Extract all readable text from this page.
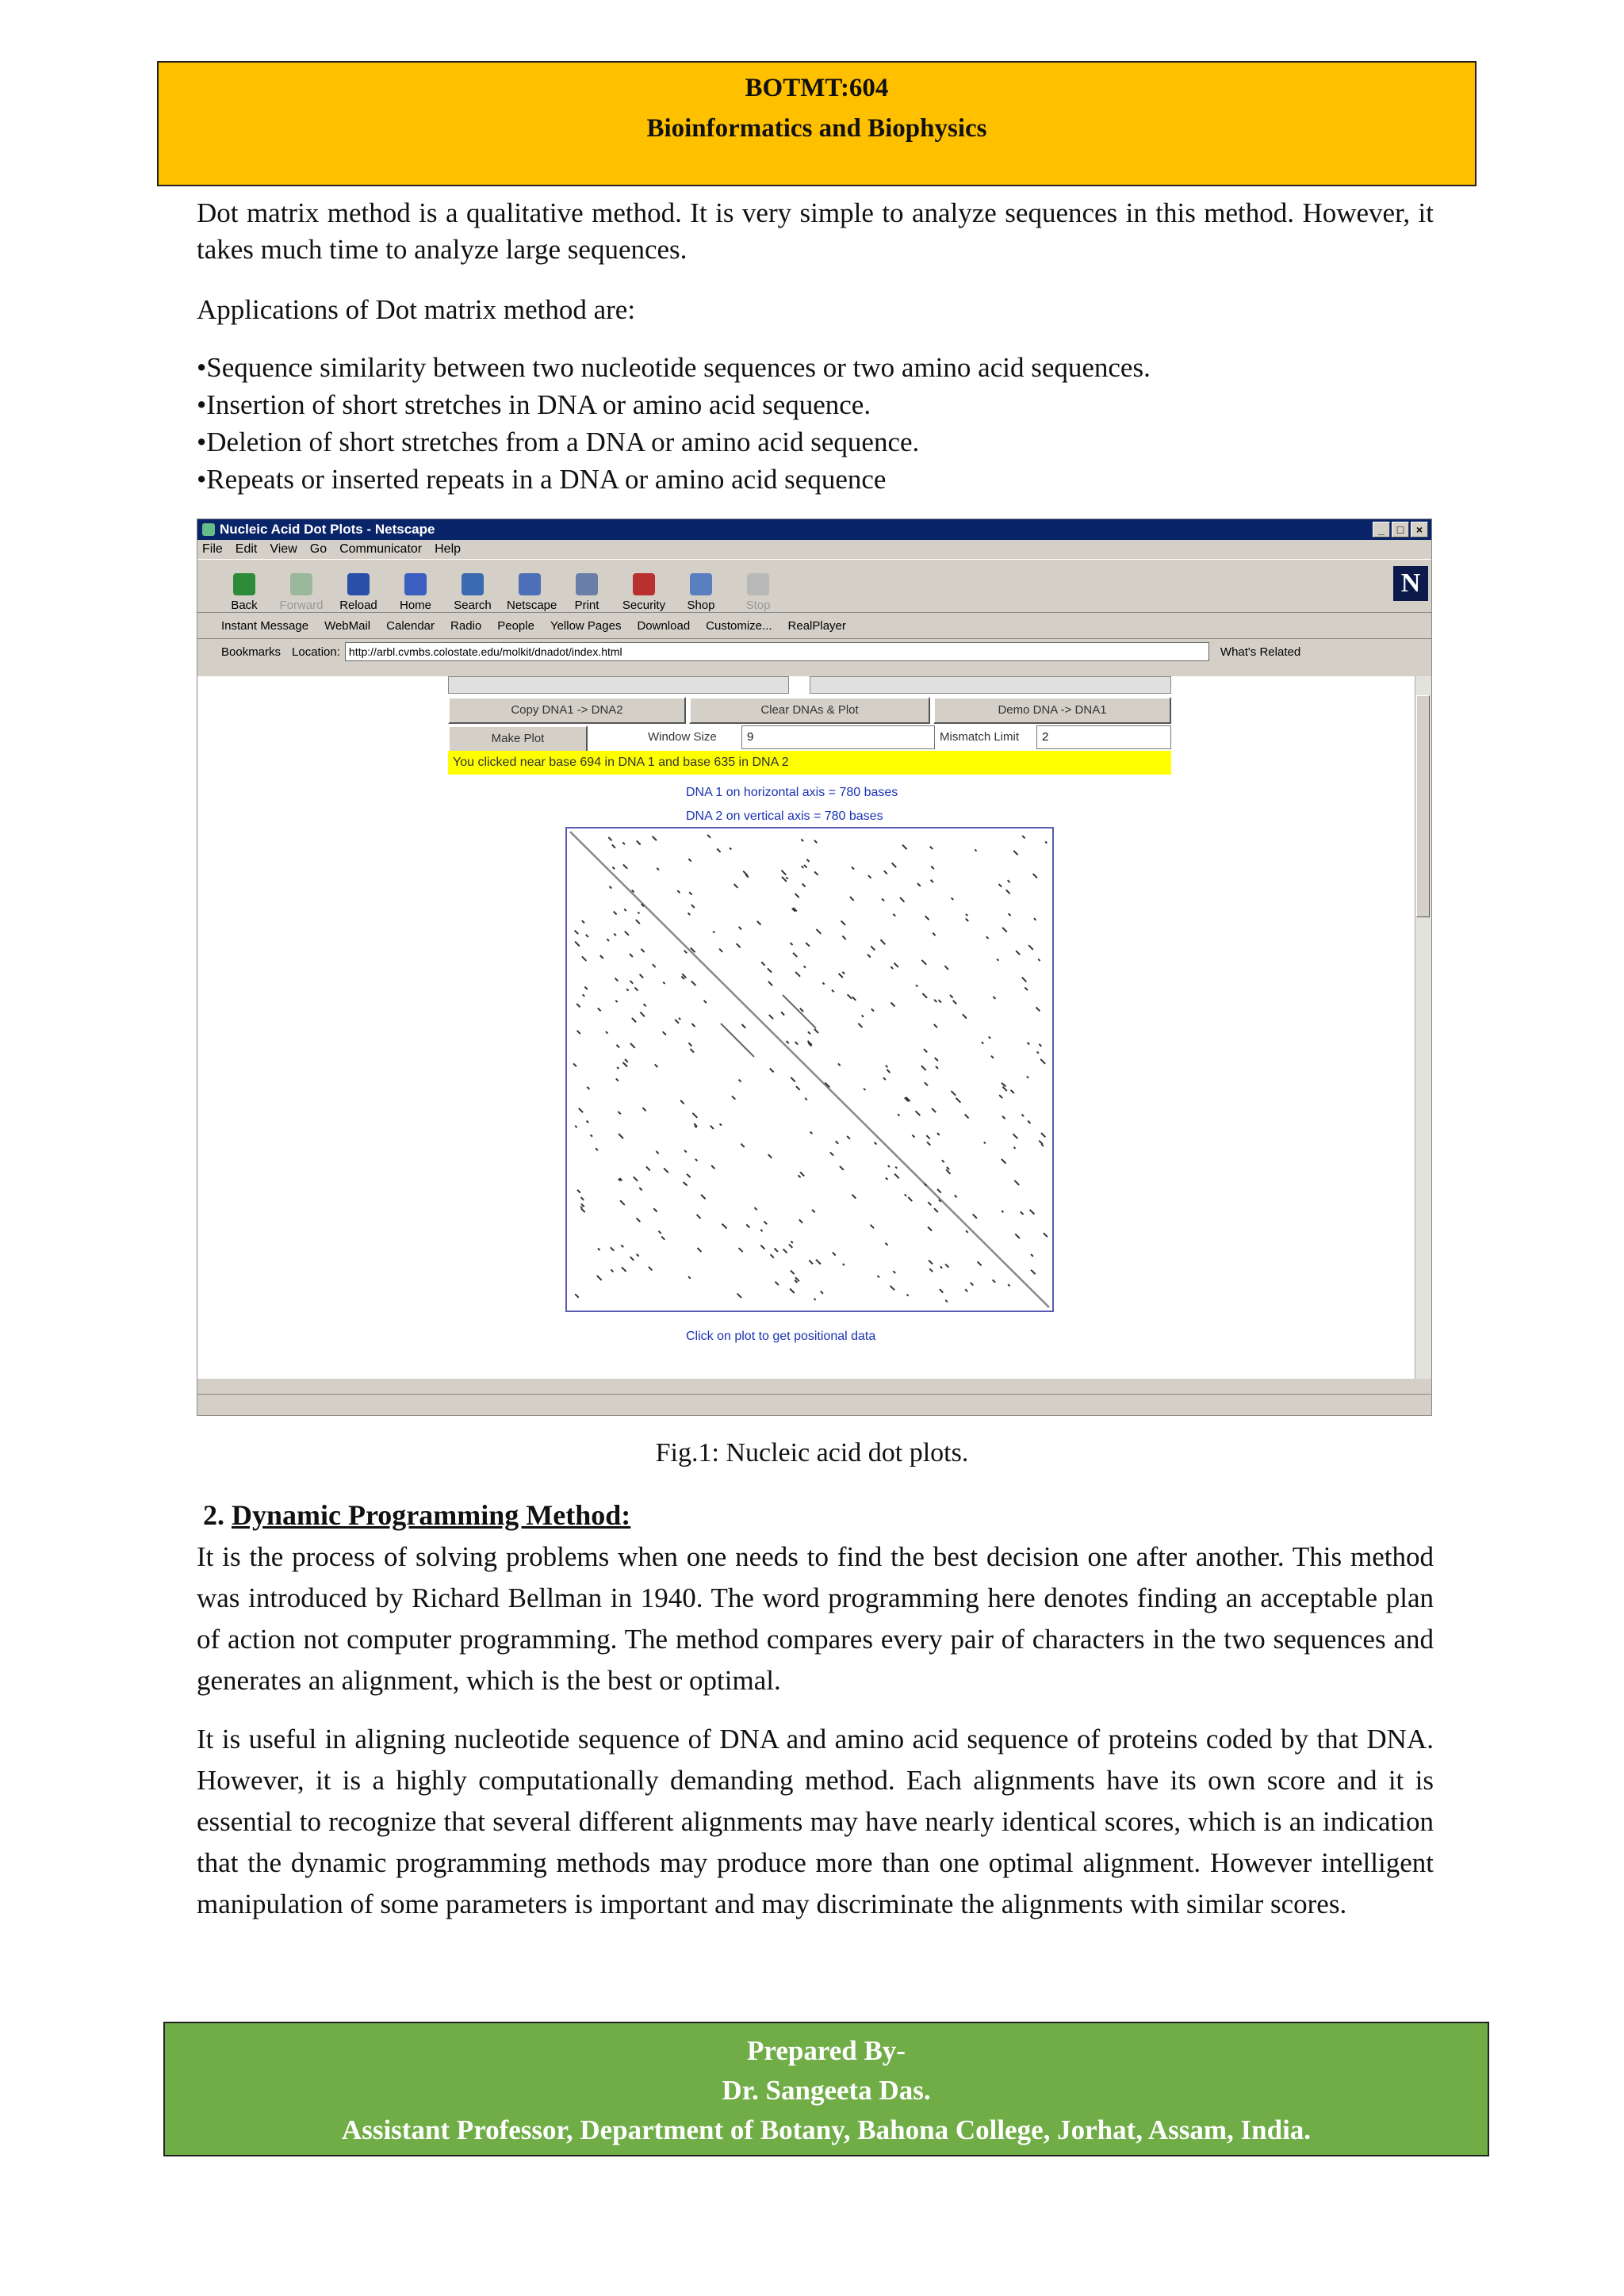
BOTMT:604
Bioinformatics and Biophysics
Dot matrix method is a qualitative method. It is very simple to analyze sequences in this method. However, it takes much time to analyze large sequences.
Applications of Dot matrix method are:
•Sequence similarity between two nucleotide sequences or two amino acid sequences.
•Insertion of short stretches in DNA or amino acid sequence.
•Deletion of short stretches from a DNA or amino acid sequence.
•Repeats or inserted repeats in a DNA or amino acid sequence
Nucleic Acid Dot Plots - Netscape	_	□	×
File Edit View Go Communicator Help
Back	Forward	Reload	Home	Search	Netscape	Print	Security	Shop	Stop
N
Instant Message WebMail Calendar Radio People Yellow Pages Download Customize... RealPlayer
Bookmarks Location: http://arbl.cvmbs.colostate.edu/molkit/dnadot/index.html	What's Related
Copy DNA1 -> DNA2	Clear DNAs & Plot	Demo DNA -> DNA1
Make Plot	Window Size	9	Mismatch Limit	2
You clicked near base 694 in DNA 1 and base 635 in DNA 2
DNA 1 on horizontal axis = 780 bases
DNA 2 on vertical axis = 780 bases
Click on plot to get positional data
Fig.1: Nucleic acid dot plots.
2. Dynamic Programming Method:
It is the process of solving problems when one needs to find the best decision one after another. This method was introduced by Richard Bellman in 1940. The word programming here denotes finding an acceptable plan of action not computer programming. The method compares every pair of characters in the two sequences and generates an alignment, which is the best or optimal.
It is useful in aligning nucleotide sequence of DNA and amino acid sequence of proteins coded by that DNA. However, it is a highly computationally demanding method. Each alignments have its own score and it is essential to recognize that several different alignments may have nearly identical scores, which is an indication that the dynamic programming methods may produce more than one optimal alignment. However intelligent manipulation of some parameters is important and may discriminate the alignments with similar scores.
Prepared By-
Dr. Sangeeta Das.
Assistant Professor, Department of Botany, Bahona College, Jorhat, Assam, India.
